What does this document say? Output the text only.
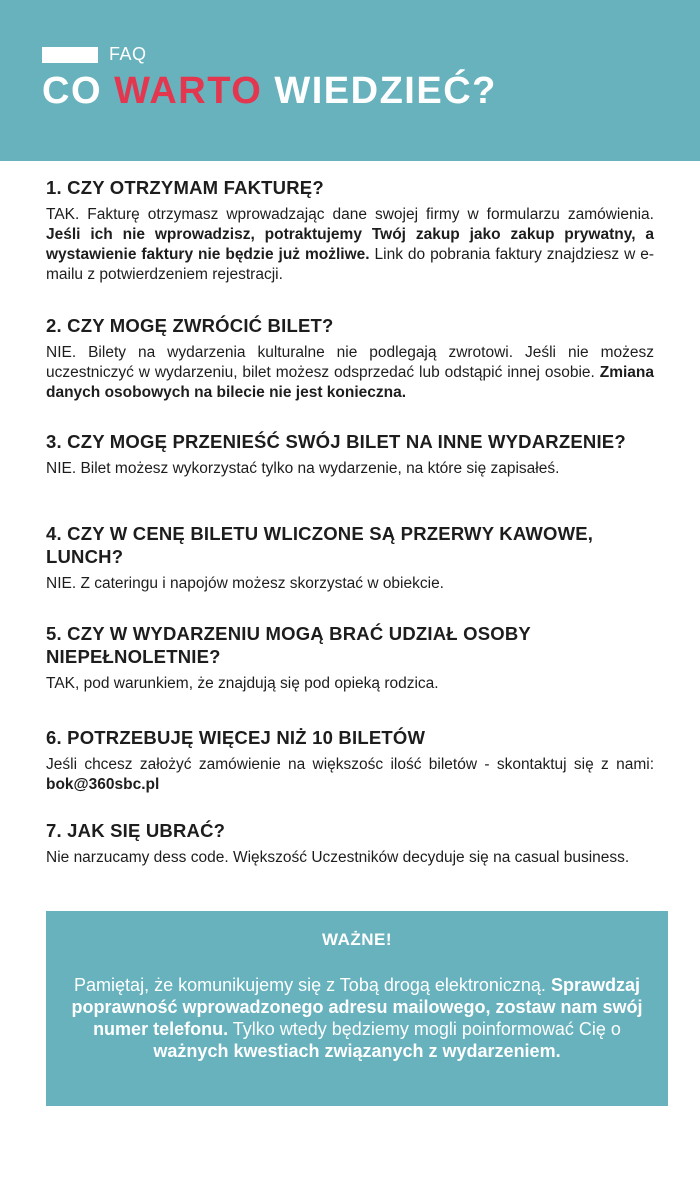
FAQ
CO WARTO WIEDZIEĆ?

1. CZY OTRZYMAM FAKTURĘ?

TAK. Fakturę otrzymasz wprowadzając dane swojej firmy w formularzu zamówienia. Jeśli ich nie wprowadzisz, potraktujemy Twój zakup jako zakup prywatny, a wystawienie faktury nie będzie już możliwe. Link do pobrania faktury znajdziesz w e-mailu z potwierdzeniem rejestracji.

2. CZY MOGĘ ZWRÓCIĆ BILET?

NIE. Bilety na wydarzenia kulturalne nie podlegają zwrotowi. Jeśli nie możesz uczestniczyć w wydarzeniu, bilet możesz odsprzedać lub odstąpić innej osobie. Zmiana danych osobowych na bilecie nie jest konieczna.

3. CZY MOGĘ PRZENIEŚĆ SWÓJ BILET NA INNE WYDARZENIE?

NIE. Bilet możesz wykorzystać tylko na wydarzenie, na które się zapisałeś.

4. CZY W CENĘ BILETU WLICZONE SĄ PRZERWY KAWOWE, LUNCH?

NIE. Z cateringu i napojów możesz skorzystać w obiekcie.

5. CZY W WYDARZENIU MOGĄ BRAĆ UDZIAŁ OSOBY NIEPEŁNOLETNIE?

TAK, pod warunkiem, że znajdują się pod opieką rodzica.

6. POTRZEBUJĘ WIĘCEJ NIŻ 10 BILETÓW

Jeśli chcesz założyć zamówienie na większośc ilość biletów - skontaktuj się z nami: bok@360sbc.pl

7. JAK SIĘ UBRAĆ?

Nie narzucamy dess code. Większość Uczestników decyduje się na casual business.

WAŻNE!
Pamiętaj, że komunikujemy się z Tobą drogą elektroniczną. Sprawdzaj poprawność wprowadzonego adresu mailowego, zostaw nam swój numer telefonu. Tylko wtedy będziemy mogli poinformować Cię o ważnych kwestiach związanych z wydarzeniem.
